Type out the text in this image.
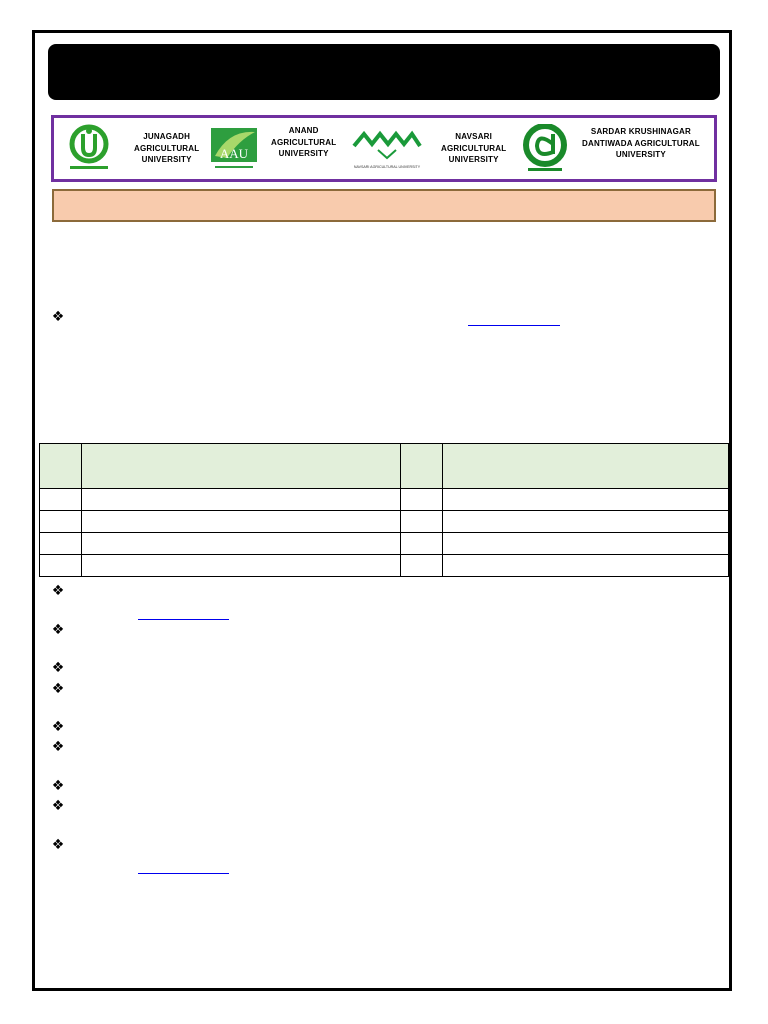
JUNAGADH
AGRICULTURAL
UNIVERSITY	AAU
ANAND
AGRICULTURAL
UNIVERSITY
NAVSARI AGRICULTURAL UNIVERSITY
NAVSARI
AGRICULTURAL
UNIVERSITY
SARDAR KRUSHINAGAR
DANTIWADA AGRICULTURAL
UNIVERSITY
❖

❖
❖
❖
❖
❖
❖
❖
❖
❖
